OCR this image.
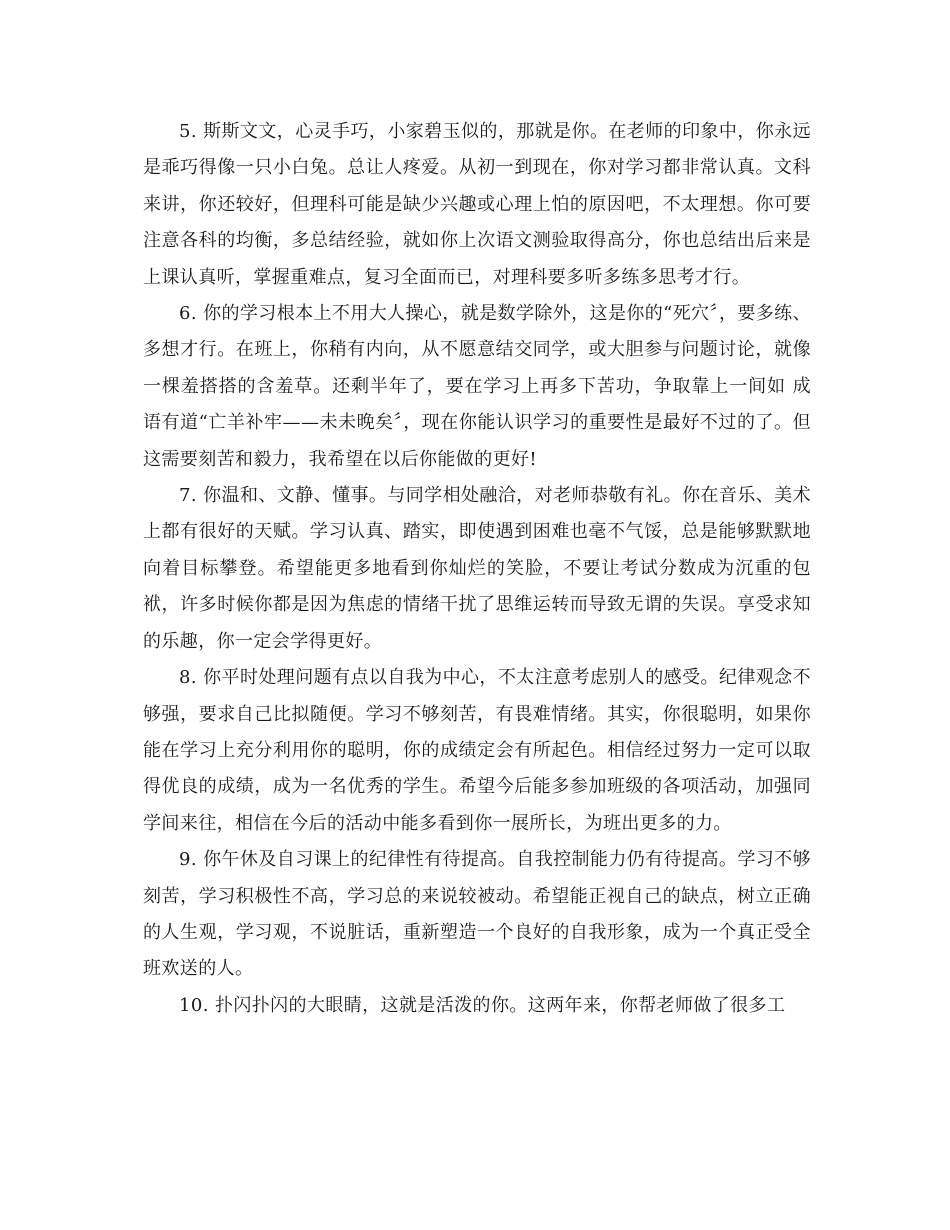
5. 斯斯文文，心灵手巧，小家碧玉似的，那就是你。在老师的印象中，你永远是乖巧得像一只小白兔。总让人疼爱。从初一到现在，你对学习都非常认真。文科来讲，你还较好，但理科可能是缺少兴趣或心理上怕的原因吧，不太理想。你可要注意各科的均衡，多总结经验，就如你上次语文测验取得高分，你也总结出后来是上课认真听，掌握重难点，复习全面而已，对理科要多听多练多思考才行。

6. 你的学习根本上不用大人操心，就是数学除外，这是你的“死穴〞，要多练、多想才行。在班上，你稍有内向，从不愿意结交同学，或大胆参与问题讨论，就像一棵羞搭搭的含羞草。还剩半年了，要在学习上再多下苦功，争取靠上一间如 成语有道“亡羊补牢——未未晚矣〞，现在你能认识学习的重要性是最好不过的了。但这需要刻苦和毅力，我希望在以后你能做的更好!

7. 你温和、文静、懂事。与同学相处融洽，对老师恭敬有礼。你在音乐、美术上都有很好的天赋。学习认真、踏实，即使遇到困难也毫不气馁，总是能够默默地向着目标攀登。希望能更多地看到你灿烂的笑脸，不要让考试分数成为沉重的包袱，许多时候你都是因为焦虑的情绪干扰了思维运转而导致无谓的失误。享受求知的乐趣，你一定会学得更好。

8. 你平时处理问题有点以自我为中心，不太注意考虑别人的感受。纪律观念不够强，要求自己比拟随便。学习不够刻苦，有畏难情绪。其实，你很聪明，如果你能在学习上充分利用你的聪明，你的成绩定会有所起色。相信经过努力一定可以取得优良的成绩，成为一名优秀的学生。希望今后能多参加班级的各项活动，加强同学间来往，相信在今后的活动中能多看到你一展所长，为班出更多的力。

9. 你午休及自习课上的纪律性有待提高。自我控制能力仍有待提高。学习不够刻苦，学习积极性不高，学习总的来说较被动。希望能正视自己的缺点，树立正确的人生观，学习观，不说脏话，重新塑造一个良好的自我形象，成为一个真正受全班欢送的人。

10. 扑闪扑闪的大眼睛，这就是活泼的你。这两年来，你帮老师做了很多工
